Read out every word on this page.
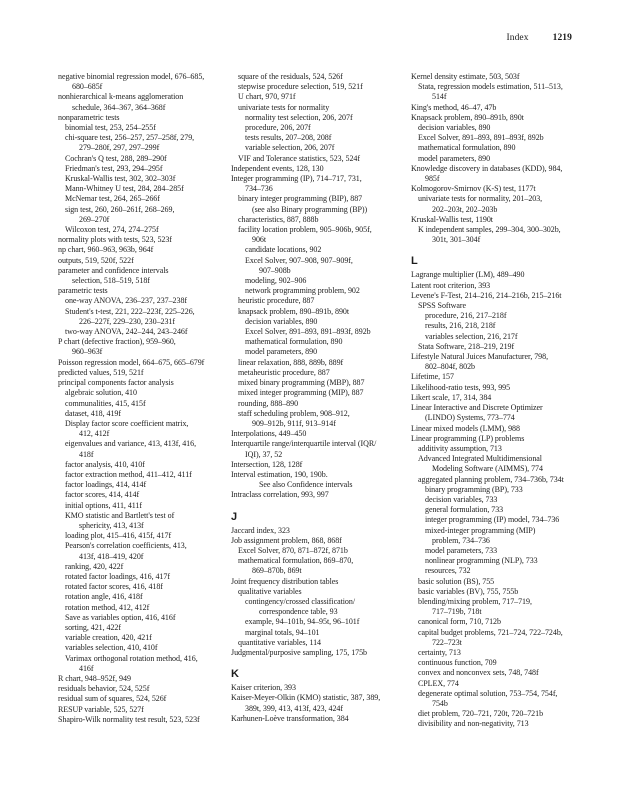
Index	1219
negative binomial regression model, 676–685,
680–685f
nonhierarchical k-means agglomeration
schedule, 364–367, 364–368f
nonparametric tests
binomial test, 253, 254–255f
chi-square test, 256–257, 257–258f, 279,
279–280f, 297, 297–299f
Cochran's Q test, 288, 289–290f
Friedman's test, 293, 294–295f
Kruskal-Wallis test, 302, 302–303f
Mann-Whitney U test, 284, 284–285f
McNemar test, 264, 265–266f
sign test, 260, 260–261f, 268–269,
269–270f
Wilcoxon test, 274, 274–275f
normality plots with tests, 523, 523f
np chart, 960–963, 963b, 964f
outputs, 519, 520f, 522f
parameter and confidence intervals
selection, 518–519, 518f
parametric tests
one-way ANOVA, 236–237, 237–238f
Student's t-test, 221, 222–223f, 225–226,
226–227f, 229–230, 230–231f
two-way ANOVA, 242–244, 243–246f
P chart (defective fraction), 959–960,
960–963f
Poisson regression model, 664–675, 665–679f
predicted values, 519, 521f
principal components factor analysis
algebraic solution, 410
communalities, 415, 415f
dataset, 418, 419f
Display factor score coefficient matrix,
412, 412f
eigenvalues and variance, 413, 413f, 416,
418f
factor analysis, 410, 410f
factor extraction method, 411–412, 411f
factor loadings, 414, 414f
factor scores, 414, 414f
initial options, 411, 411f
KMO statistic and Bartlett's test of
sphericity, 413, 413f
loading plot, 415–416, 415f, 417f
Pearson's correlation coefficients, 413,
413f, 418–419, 420f
ranking, 420, 422f
rotated factor loadings, 416, 417f
rotated factor scores, 416, 418f
rotation angle, 416, 418f
rotation method, 412, 412f
Save as variables option, 416, 416f
sorting, 421, 422f
variable creation, 420, 421f
variables selection, 410, 410f
Varimax orthogonal rotation method, 416,
416f
R chart, 948–952f, 949
residuals behavior, 524, 525f
residual sum of squares, 524, 526f
RESUP variable, 525, 527f
Shapiro-Wilk normality test result, 523, 523f
square of the residuals, 524, 526f
stepwise procedure selection, 519, 521f
U chart, 970, 971f
univariate tests for normality
normality test selection, 206, 207f
procedure, 206, 207f
tests results, 207–208, 208f
variable selection, 206, 207f
VIF and Tolerance statistics, 523, 524f
Independent events, 128, 130
Integer programming (IP), 714–717, 731,
734–736
binary integer programming (BIP), 887
(see also Binary programming (BP))
characteristics, 887, 888b
facility location problem, 905–906b, 905f,
906t
candidate locations, 902
Excel Solver, 907–908, 907–909f,
907–908b
modeling, 902–906
network programming problem, 902
heuristic procedure, 887
knapsack problem, 890–891b, 890t
decision variables, 890
Excel Solver, 891–893, 891–893f, 892b
mathematical formulation, 890
model parameters, 890
linear relaxation, 888, 889b, 889f
metaheuristic procedure, 887
mixed binary programming (MBP), 887
mixed integer programming (MIP), 887
rounding, 888–890
staff scheduling problem, 908–912,
909–912b, 911f, 913–914f
Interpolations, 449–450
Interquartile range/interquartile interval (IQR/
IQI), 37, 52
Intersection, 128, 128f
Interval estimation, 190, 190b.
See also Confidence intervals
Intraclass correlation, 993, 997
J
Jaccard index, 323
Job assignment problem, 868, 868f
Excel Solver, 870, 871–872f, 871b
mathematical formulation, 869–870,
869–870b, 869t
Joint frequency distribution tables
qualitative variables
contingency/crossed classification/
correspondence table, 93
example, 94–101b, 94–95t, 96–101f
marginal totals, 94–101
quantitative variables, 114
Judgmental/purposive sampling, 175, 175b
K
Kaiser criterion, 393
Kaiser-Meyer-Olkin (KMO) statistic, 387, 389,
389t, 399, 413, 413f, 423, 424f
Karhunen-Loève transformation, 384
Kernel density estimate, 503, 503f
Stata, regression models estimation, 511–513,
514f
King's method, 46–47, 47b
Knapsack problem, 890–891b, 890t
decision variables, 890
Excel Solver, 891–893, 891–893f, 892b
mathematical formulation, 890
model parameters, 890
Knowledge discovery in databases (KDD), 984,
985f
Kolmogorov-Smirnov (K-S) test, 1177t
univariate tests for normality, 201–203,
202–203t, 202–203b
Kruskal-Wallis test, 1190t
K independent samples, 299–304, 300–302b,
301t, 301–304f
L
Lagrange multiplier (LM), 489–490
Latent root criterion, 393
Levene's F-Test, 214–216, 214–216b, 215–216t
SPSS Software
procedure, 216, 217–218f
results, 216, 218, 218f
variables selection, 216, 217f
Stata Software, 218–219, 219f
Lifestyle Natural Juices Manufacturer, 798,
802–804f, 802b
Lifetime, 157
Likelihood-ratio tests, 993, 995
Likert scale, 17, 314, 384
Linear Interactive and Discrete Optimizer
(LINDO) Systems, 773–774
Linear mixed models (LMM), 988
Linear programming (LP) problems
additivity assumption, 713
Advanced Integrated Multidimensional
Modeling Software (AIMMS), 774
aggregated planning problem, 734–736b, 734t
binary programming (BP), 733
decision variables, 733
general formulation, 733
integer programming (IP) model, 734–736
mixed-integer programming (MIP)
problem, 734–736
model parameters, 733
nonlinear programming (NLP), 733
resources, 732
basic solution (BS), 755
basic variables (BV), 755, 755b
blending/mixing problem, 717–719,
717–719b, 718t
canonical form, 710, 712b
capital budget problems, 721–724, 722–724b,
722–723t
certainty, 713
continuous function, 709
convex and nonconvex sets, 748, 748f
CPLEX, 774
degenerate optimal solution, 753–754, 754f,
754b
diet problem, 720–721, 720t, 720–721b
divisibility and non-negativity, 713
